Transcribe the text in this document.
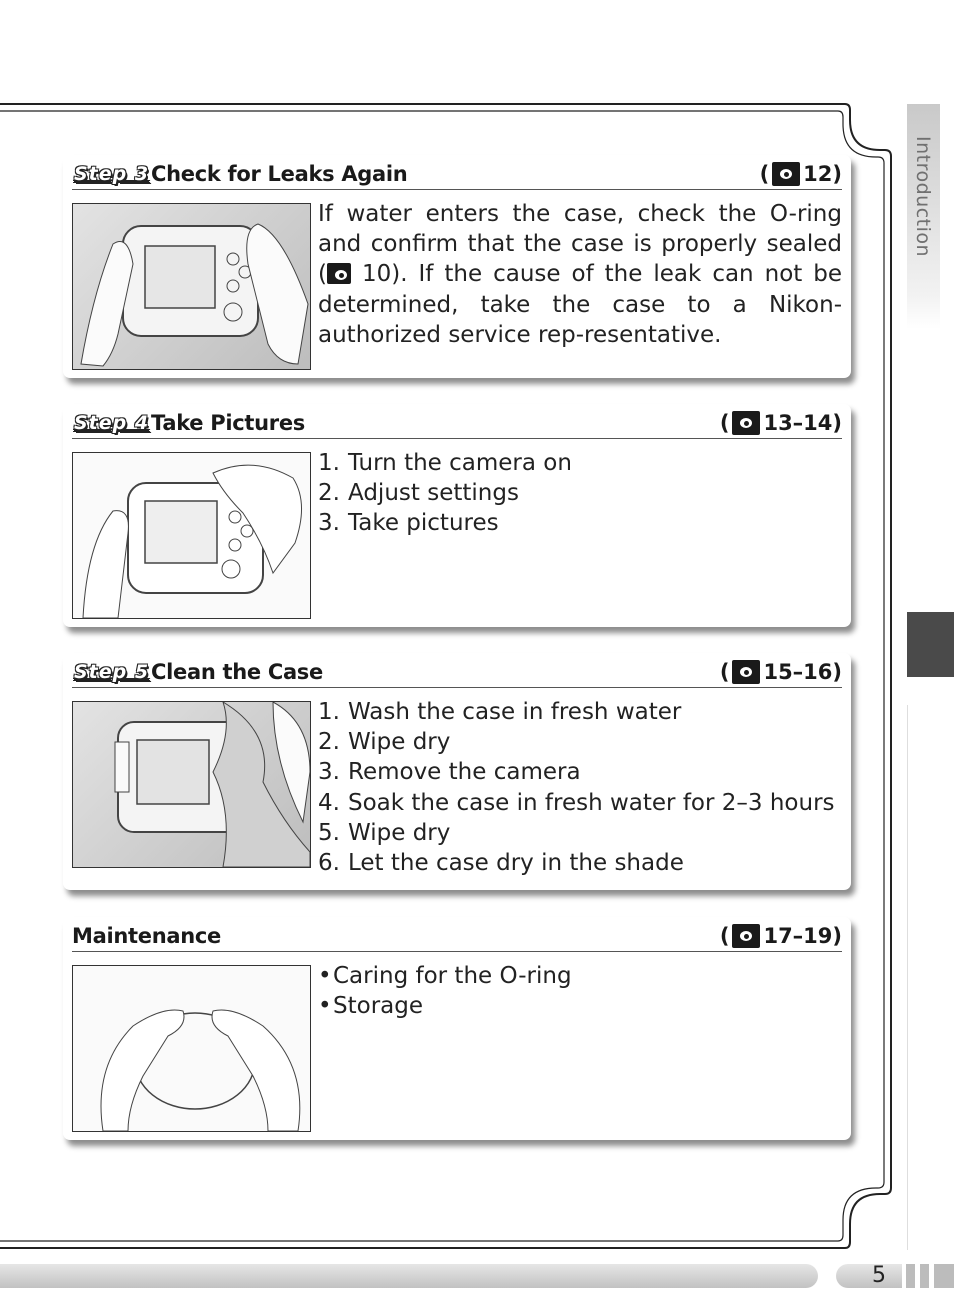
Introduction
Step 3 Check for Leaks Again	( 12)

If water enters the case, check the O-ring and confirm that the case is properly sealed ( 10). If the cause of the leak can not be determined, take the case to a Nikon-authorized service rep-resentative.

Step 4 Take Pictures	( 13–14)
1. Turn the camera on
2. Adjust settings
3. Take pictures
Step 5 Clean the Case	( 15–16)
1. Wash the case in fresh water
2. Wipe dry
3. Remove the camera
4. Soak the case in fresh water for 2–3 hours
5. Wipe dry
6. Let the case dry in the shade
Maintenance	( 17–19)
• Caring for the O-ring
• Storage
5
